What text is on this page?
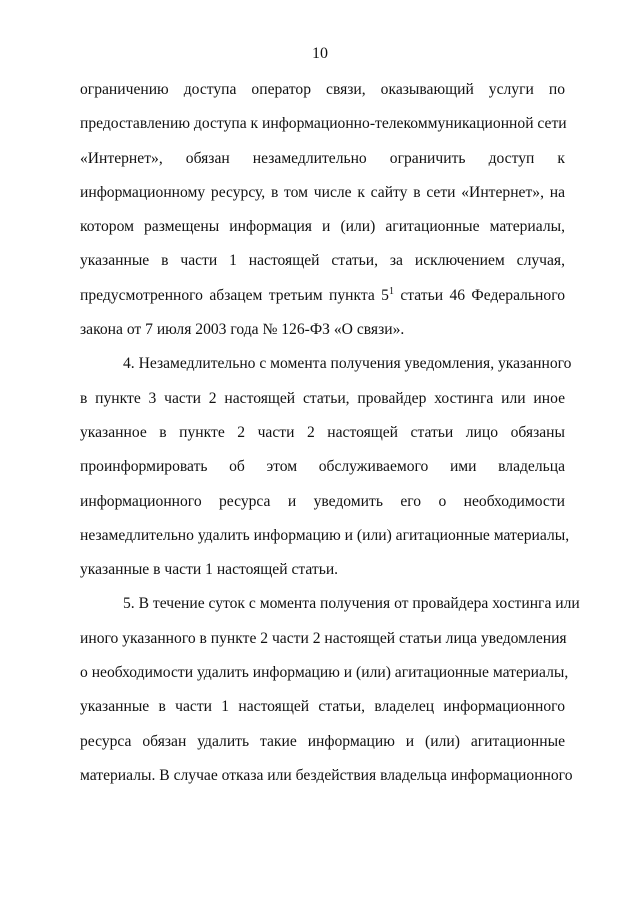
10
ограничению доступа оператор связи, оказывающий услуги по
предоставлению доступа к информационно-телекоммуникационной сети
«Интернет», обязан незамедлительно ограничить доступ к
информационному ресурсу, в том числе к сайту в сети «Интернет», на
котором размещены информация и (или) агитационные материалы,
указанные в части 1 настоящей статьи, за исключением случая,
предусмотренного абзацем третьим пункта $5^1$ статьи 46 Федерального
закона от 7 июля 2003 года № 126-ФЗ «О связи».
4. Незамедлительно с момента получения уведомления, указанного
в пункте 3 части 2 настоящей статьи, провайдер хостинга или иное
указанное в пункте 2 части 2 настоящей статьи лицо обязаны
проинформировать об этом обслуживаемого ими владельца
информационного ресурса и уведомить его о необходимости
незамедлительно удалить информацию и (или) агитационные материалы,
указанные в части 1 настоящей статьи.
5. В течение суток с момента получения от провайдера хостинга или
иного указанного в пункте 2 части 2 настоящей статьи лица уведомления
о необходимости удалить информацию и (или) агитационные материалы,
указанные в части 1 настоящей статьи, владелец информационного
ресурса обязан удалить такие информацию и (или) агитационные
материалы. В случае отказа или бездействия владельца информационного
